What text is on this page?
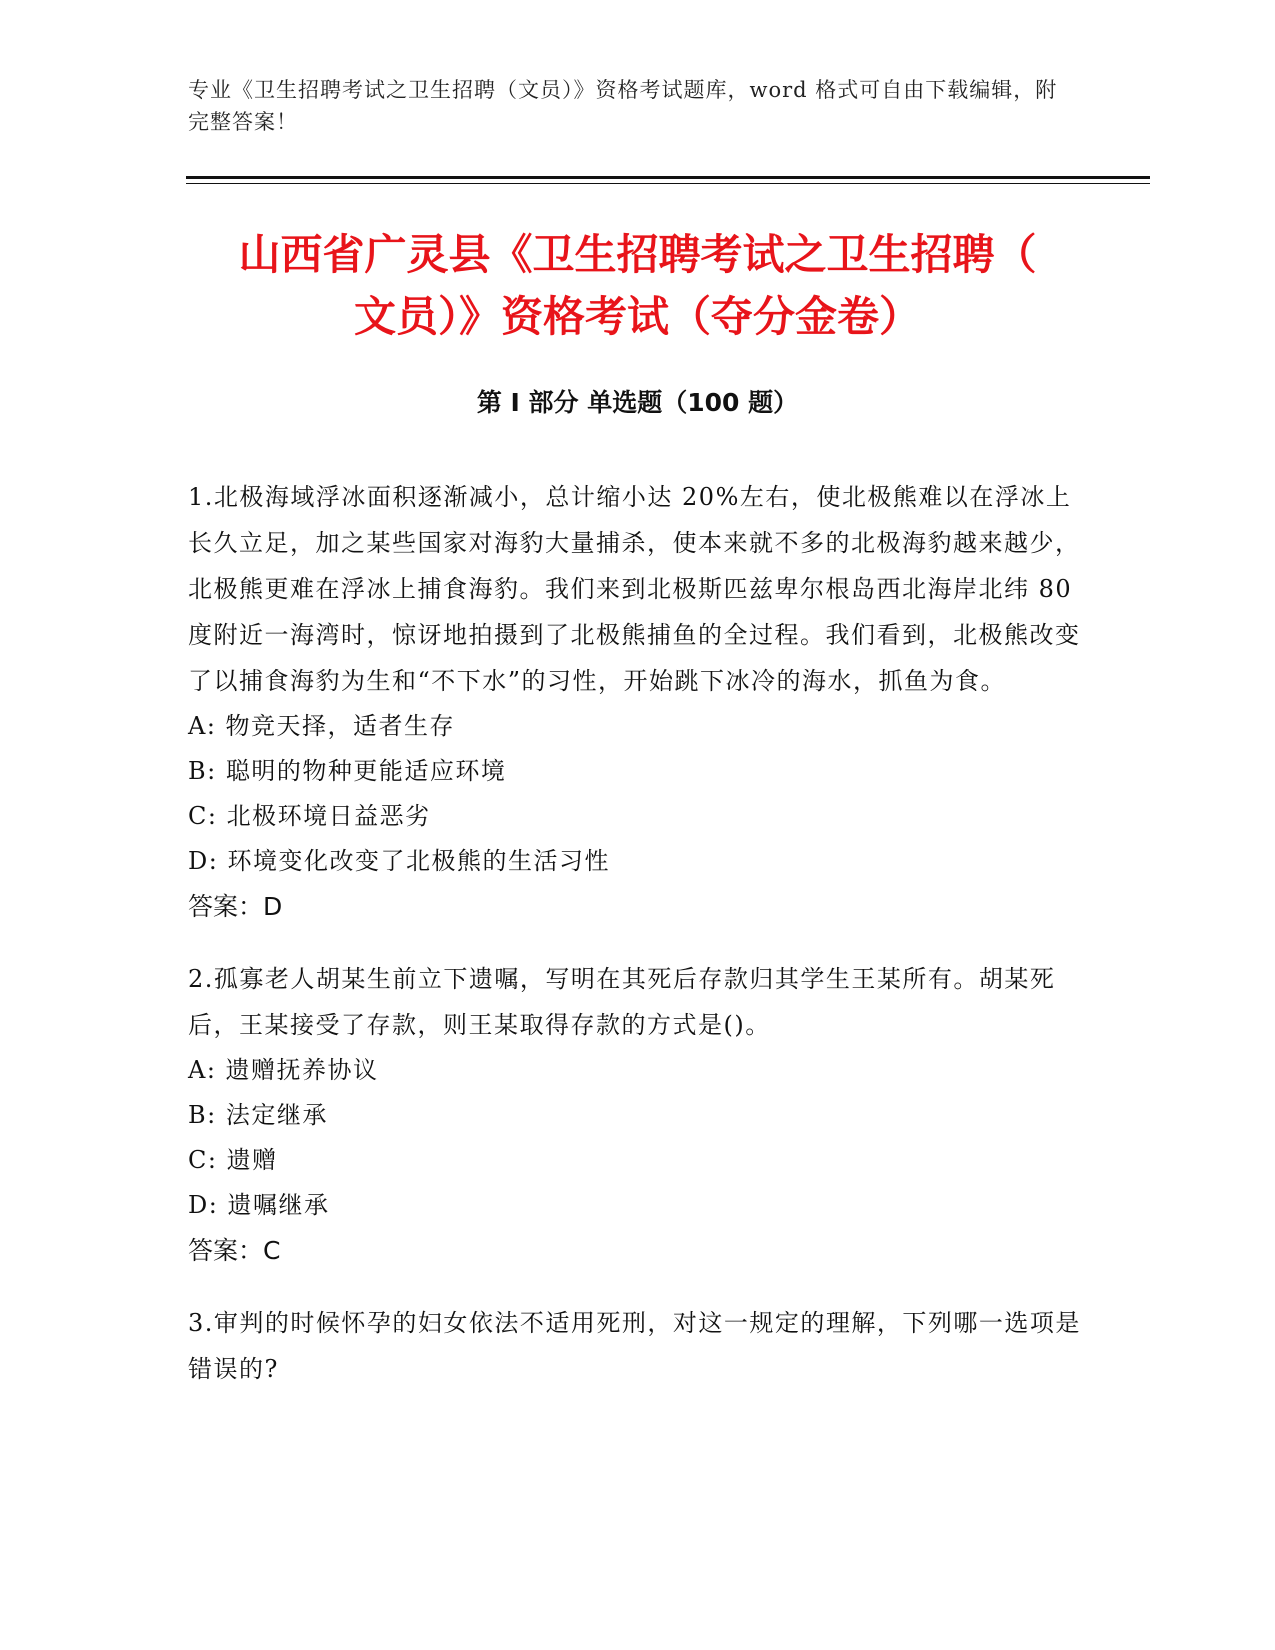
专业《卫生招聘考试之卫生招聘（文员）》资格考试题库，word 格式可自由下载编辑，附完整答案！
山西省广灵县《卫生招聘考试之卫生招聘（
文员）》资格考试（夺分金卷）
第 I 部分 单选题（100 题）
1.北极海域浮冰面积逐渐减小，总计缩小达 20%左右，使北极熊难以在浮冰上长久立足，加之某些国家对海豹大量捕杀，使本来就不多的北极海豹越来越少，北极熊更难在浮冰上捕食海豹。我们来到北极斯匹兹卑尔根岛西北海岸北纬 80 度附近一海湾时，惊讶地拍摄到了北极熊捕鱼的全过程。我们看到，北极熊改变了以捕食海豹为生和“不下水”的习性，开始跳下冰冷的海水，抓鱼为食。
A: 物竞天择，适者生存
B: 聪明的物种更能适应环境
C: 北极环境日益恶劣
D: 环境变化改变了北极熊的生活习性
答案：D
2.孤寡老人胡某生前立下遗嘱，写明在其死后存款归其学生王某所有。胡某死后，王某接受了存款，则王某取得存款的方式是()。
A: 遗赠抚养协议
B: 法定继承
C: 遗赠
D: 遗嘱继承
答案：C
3.审判的时候怀孕的妇女依法不适用死刑，对这一规定的理解，下列哪一选项是错误的?
